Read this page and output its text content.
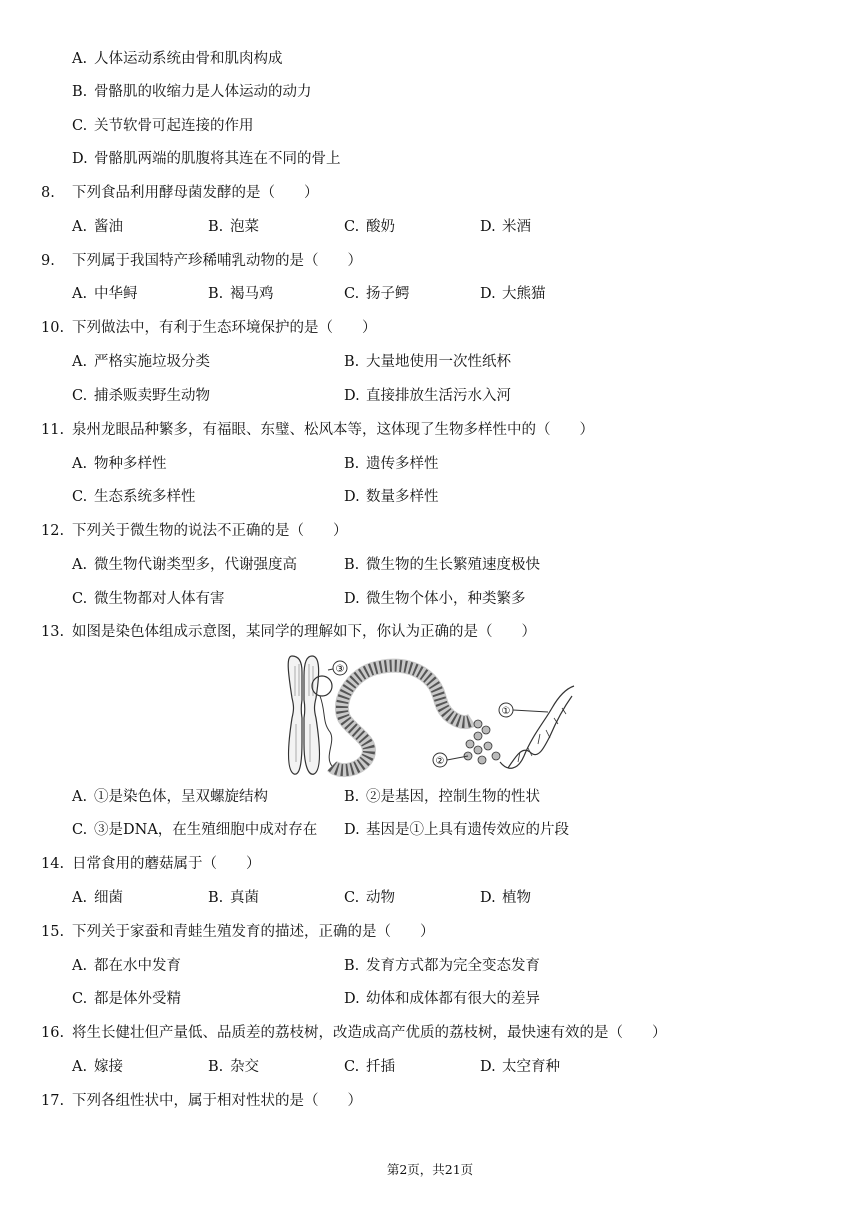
A. 人体运动系统由骨和肌肉构成
B. 骨骼肌的收缩力是人体运动的动力
C. 关节软骨可起连接的作用
D. 骨骼肌两端的肌腹将其连在不同的骨上
8. 下列食品利用酵母菌发酵的是（　　）
A. 酱油	B. 泡菜	C. 酸奶	D. 米酒
9. 下列属于我国特产珍稀哺乳动物的是（　　）
A. 中华鲟	B. 褐马鸡	C. 扬子鳄	D. 大熊猫
10. 下列做法中，有利于生态环境保护的是（　　）
A. 严格实施垃圾分类	B. 大量地使用一次性纸杯
C. 捕杀贩卖野生动物	D. 直接排放生活污水入河
11. 泉州龙眼品种繁多，有福眼、东璧、松风本等，这体现了生物多样性中的（　　）
A. 物种多样性	B. 遗传多样性
C. 生态系统多样性	D. 数量多样性
12. 下列关于微生物的说法不正确的是（　　）
A. 微生物代谢类型多，代谢强度高	B. 微生物的生长繁殖速度极快
C. 微生物都对人体有害	D. 微生物个体小，种类繁多
13. 如图是染色体组成示意图，某同学的理解如下，你认为正确的是（　　）
③
①
②
A. ①是染色体，呈双螺旋结构	B. ②是基因，控制生物的性状
C. ③是DNA，在生殖细胞中成对存在 D. 基因是①上具有遗传效应的片段
14. 日常食用的蘑菇属于（　　）
A. 细菌	B. 真菌	C. 动物	D. 植物
15. 下列关于家蚕和青蛙生殖发育的描述，正确的是（　　）
A. 都在水中发育	B. 发育方式都为完全变态发育
C. 都是体外受精	D. 幼体和成体都有很大的差异
16. 将生长健壮但产量低、品质差的荔枝树，改造成高产优质的荔枝树，最快速有效的是（　　）
A. 嫁接	B. 杂交	C. 扦插	D. 太空育种
17. 下列各组性状中，属于相对性状的是（　　）
第2页，共21页
